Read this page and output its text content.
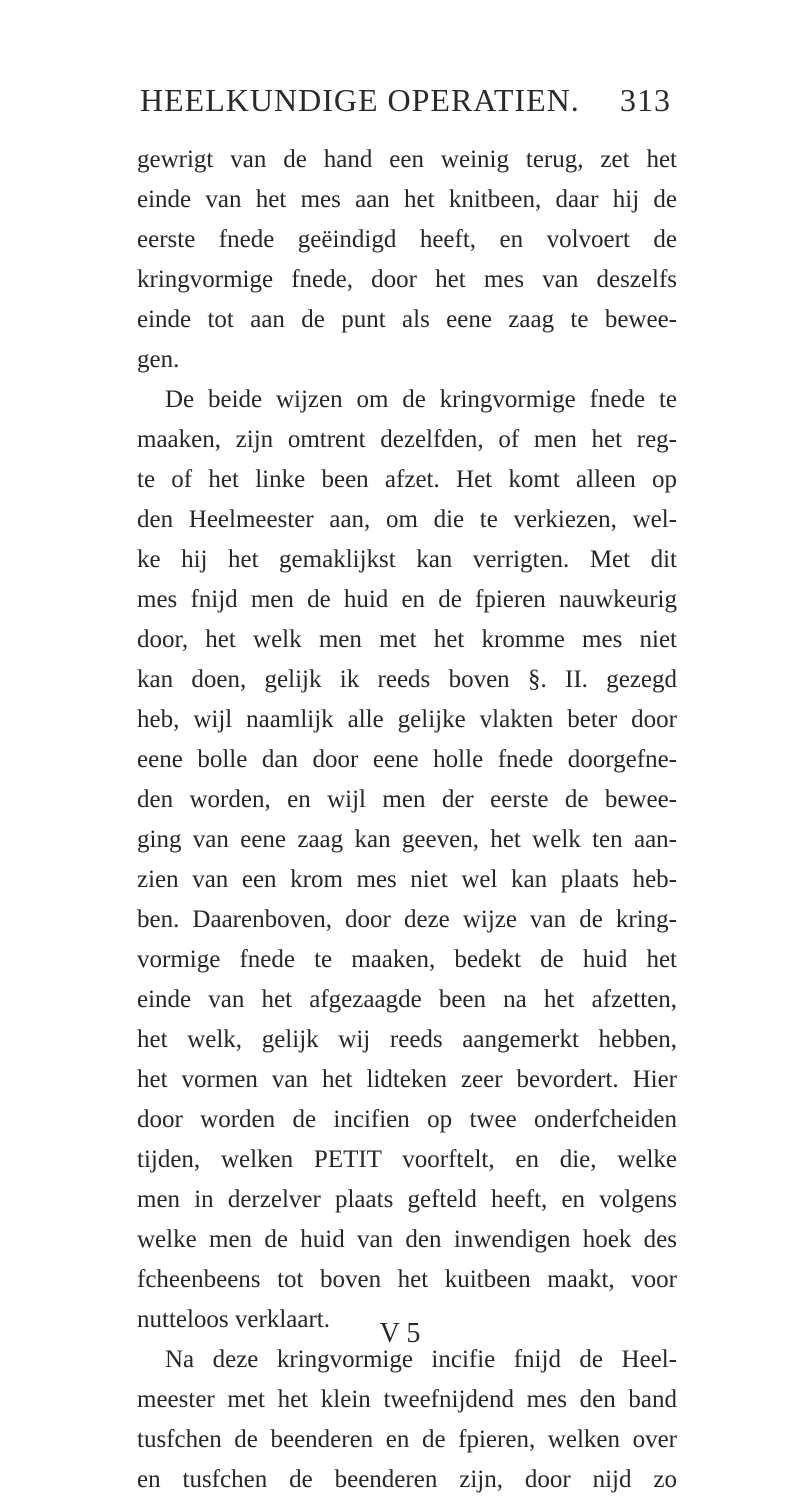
HEELKUNDIGE OPERATIEN. 313
gewrigt van de hand een weinig terug, zet het
einde van het mes aan het knitbeen, daar hij de
eerste fnede geëindigd heeft, en volvoert de
kringvormige fnede, door het mes van deszelfs
einde tot aan de punt als eene zaag te bewee-
gen.
De beide wijzen om de kringvormige fnede te
maaken, zijn omtrent dezelfden, of men het reg-
te of het linke been afzet. Het komt alleen op
den Heelmeester aan, om die te verkiezen, wel-
ke hij het gemaklijkst kan verrigten. Met dit
mes fnijd men de huid en de fpieren nauwkeurig
door, het welk men met het kromme mes niet
kan doen, gelijk ik reeds boven §. II. gezegd
heb, wijl naamlijk alle gelijke vlakten beter door
eene bolle dan door eene holle fnede doorgefne-
den worden, en wijl men der eerste de bewee-
ging van eene zaag kan geeven, het welk ten aan-
zien van een krom mes niet wel kan plaats heb-
ben. Daarenboven, door deze wijze van de kring-
vormige fnede te maaken, bedekt de huid het
einde van het afgezaagde been na het afzetten,
het welk, gelijk wij reeds aangemerkt hebben,
het vormen van het lidteken zeer bevordert. Hier
door worden de incifien op twee onderfcheiden
tijden, welken PETIT voorftelt, en die, welke
men in derzelver plaats gefteld heeft, en volgens
welke men de huid van den inwendigen hoek des
fcheenbeens tot boven het kuitbeen maakt, voor
nutteloos verklaart.
Na deze kringvormige incifie fnijd de Heel-
meester met het klein tweefnijdend mes den band
tusfchen de beenderen en de fpieren, welken over
en tusfchen de beenderen zijn, door nijd zo
V 5
